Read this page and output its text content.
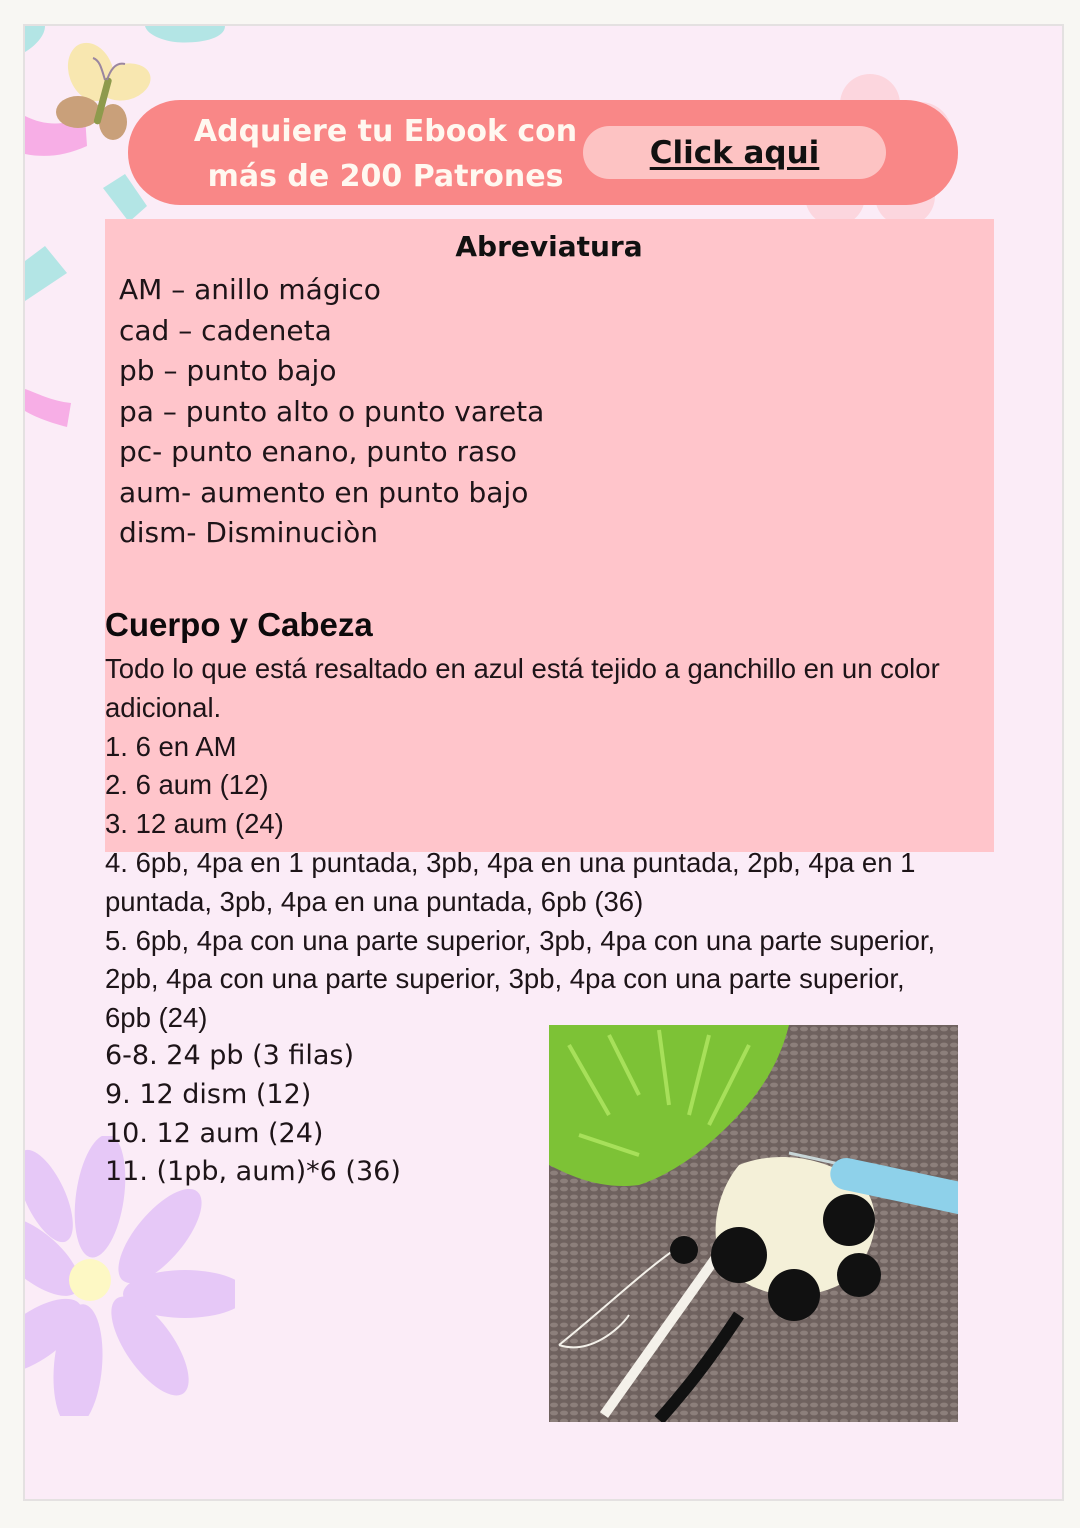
Adquiere tu Ebook con
más de 200 Patrones
Click aqui
Abreviatura
AM – anillo mágico
cad – cadeneta
pb – punto bajo
pa – punto alto o punto vareta
pc- punto enano, punto raso
aum- aumento en punto bajo
dism- Disminuciòn
Cuerpo y Cabeza
Todo lo que está resaltado en azul está tejido a ganchillo en un color
adicional.
1. 6 en AM
2. 6 aum (12)
3. 12 aum (24)
4. 6pb, 4pa en 1 puntada, 3pb, 4pa en una puntada, 2pb, 4pa en 1
puntada, 3pb, 4pa en una puntada, 6pb (36)
5. 6pb, 4pa con una parte superior, 3pb, 4pa con una parte superior,
2pb, 4pa con una parte superior, 3pb, 4pa con una parte superior,
6pb (24)
6-8. 24 pb (3 filas)
9. 12 dism (12)
10. 12 aum (24)
11. (1pb, aum)*6 (36)
